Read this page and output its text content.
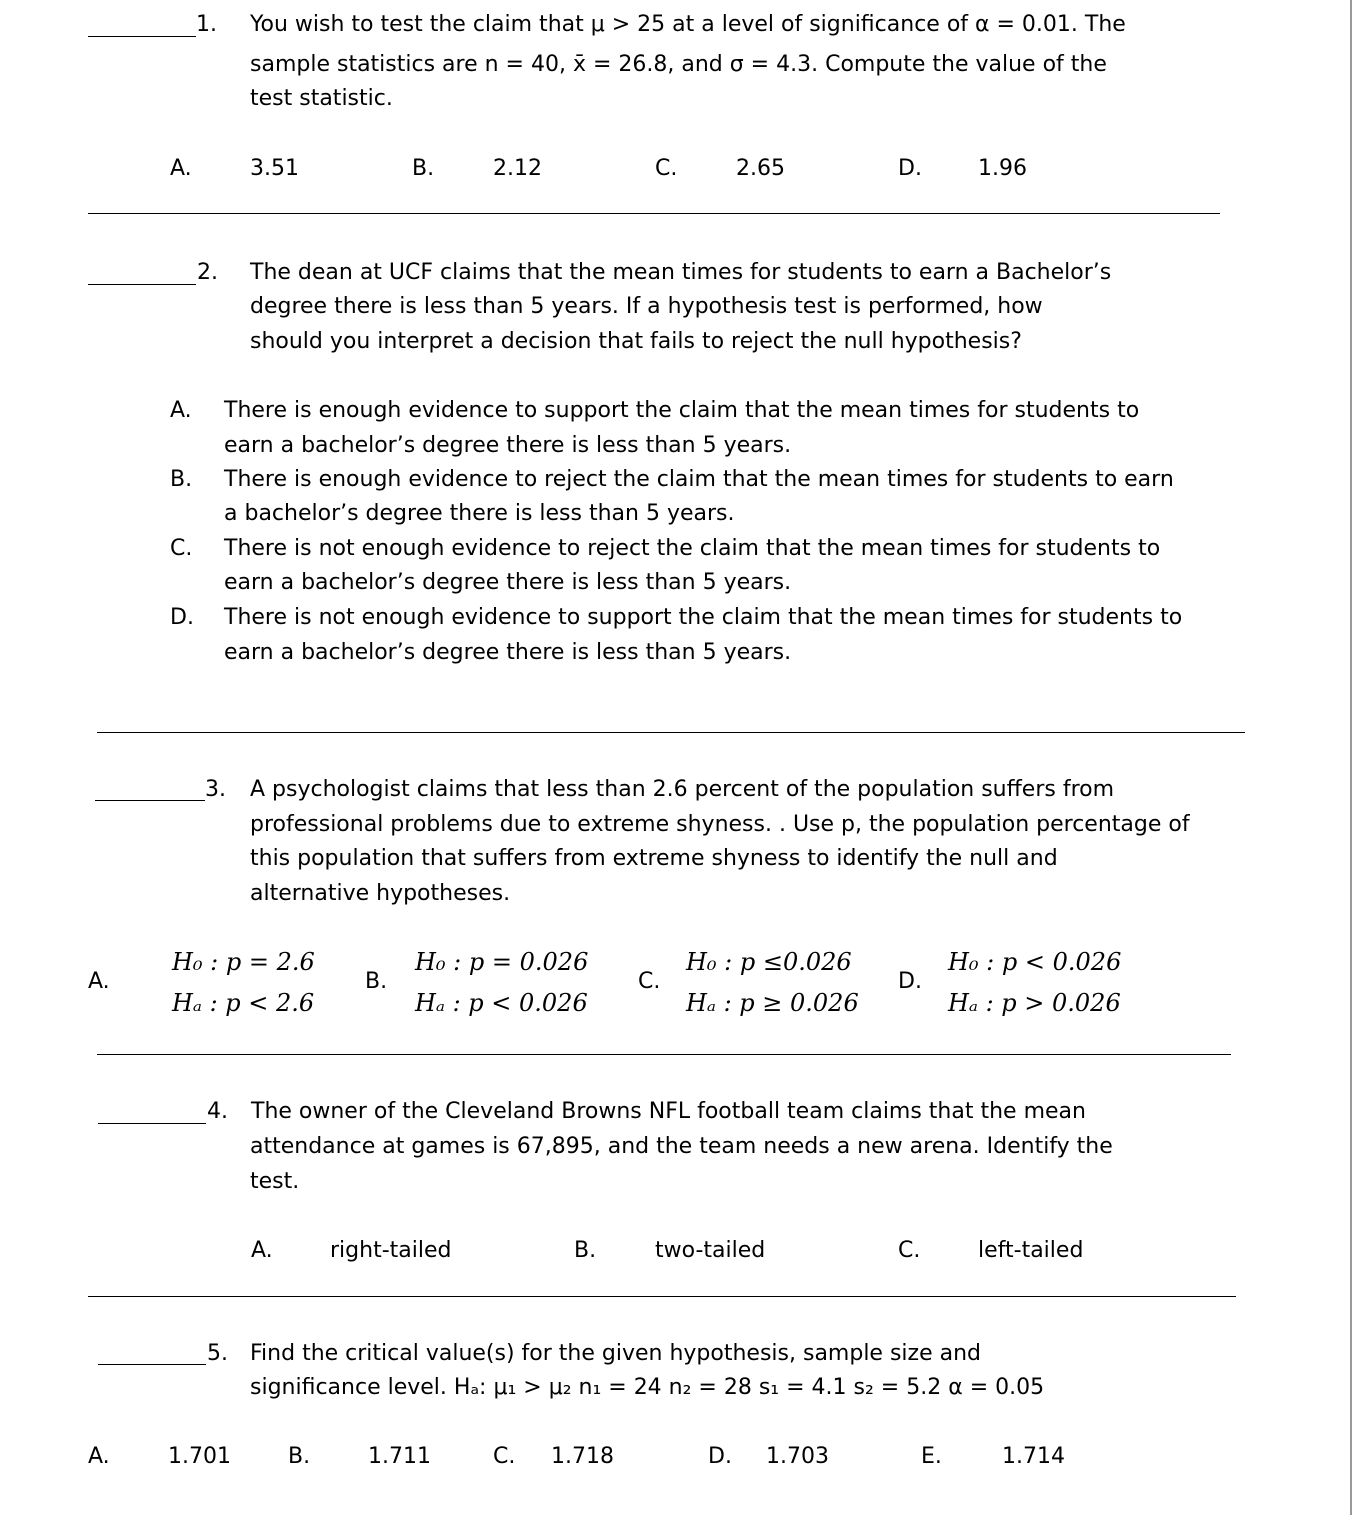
1. You wish to test the claim that μ > 25 at a level of significance of α = 0.01. The
sample statistics are n = 40, x̄ = 26.8, and σ = 4.3. Compute the value of the
test statistic.
A.	3.51	B.	2.12	C.	2.65	D.	1.96
2. The dean at UCF claims that the mean times for students to earn a Bachelor’s
degree there is less than 5 years. If a hypothesis test is performed, how
should you interpret a decision that fails to reject the null hypothesis?
A. There is enough evidence to support the claim that the mean times for students to
earn a bachelor’s degree there is less than 5 years.
B. There is enough evidence to reject the claim that the mean times for students to earn
a bachelor’s degree there is less than 5 years.
C. There is not enough evidence to reject the claim that the mean times for students to
earn a bachelor’s degree there is less than 5 years.
D. There is not enough evidence to support the claim that the mean times for students to
earn a bachelor’s degree there is less than 5 years.
3. A psychologist claims that less than 2.6 percent of the population suffers from
professional problems due to extreme shyness. . Use p, the population percentage of
this population that suffers from extreme shyness to identify the null and
alternative hypotheses.
A.
H₀ : p = 2.6
Hₐ : p < 2.6
B.
H₀ : p = 0.026
Hₐ : p < 0.026
C.
H₀ : p ≤0.026
Hₐ : p ≥ 0.026
D.
H₀ : p < 0.026
Hₐ : p > 0.026
4. The owner of the Cleveland Browns NFL football team claims that the mean
attendance at games is 67,895, and the team needs a new arena. Identify the
test.
A.	right-tailed	B.	two-tailed	C.	left-tailed
5. Find the critical value(s) for the given hypothesis, sample size and
significance level. Hₐ: μ₁ > μ₂ n₁ = 24 n₂ = 28 s₁ = 4.1 s₂ = 5.2 α = 0.05
A.	1.701	B.	1.711	C. 1.718	D. 1.703	E.	1.714
